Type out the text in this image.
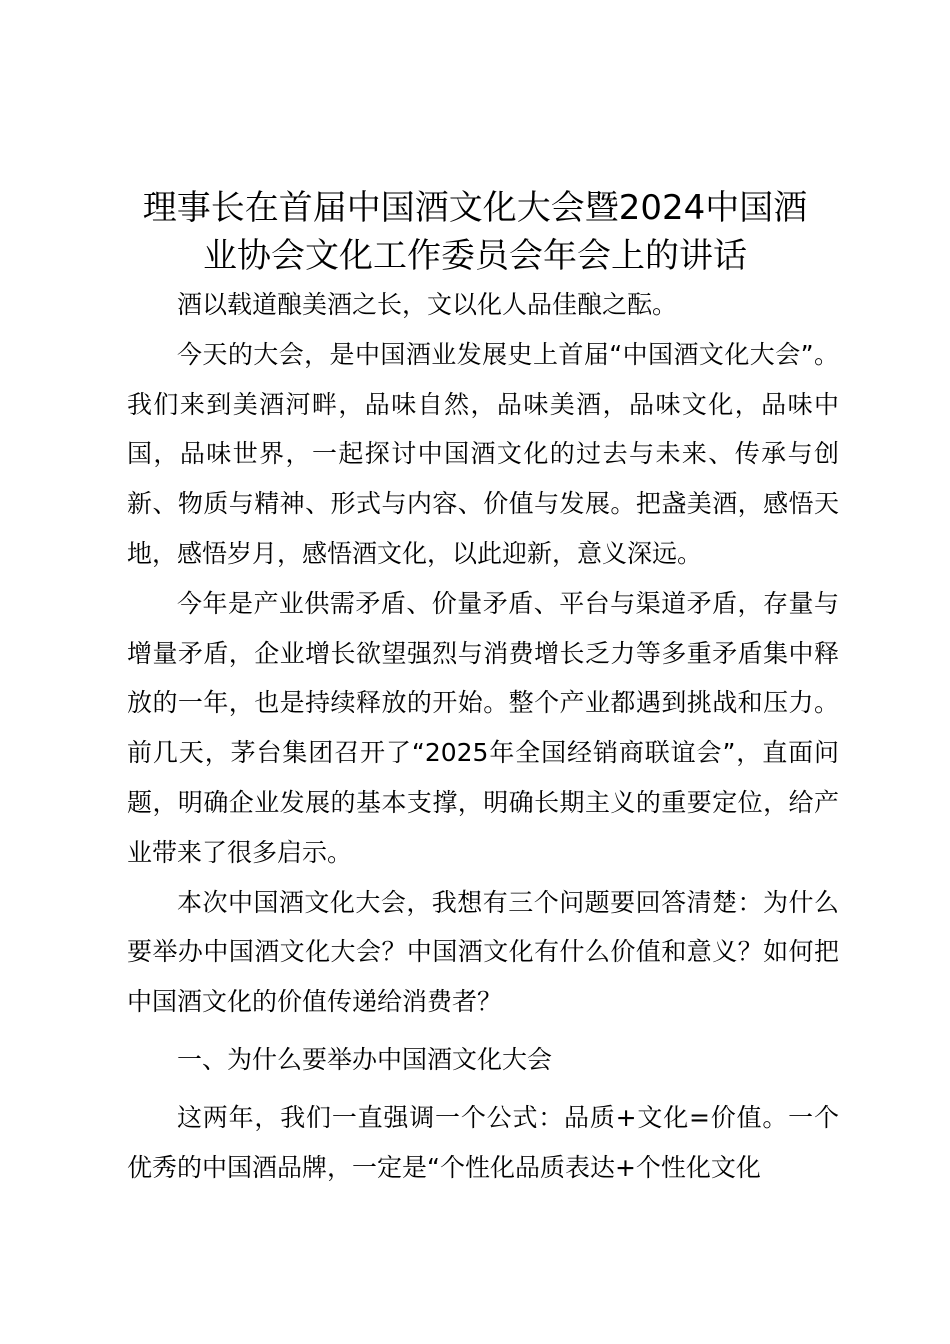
理事长在首届中国酒文化大会暨2024中国酒
业协会文化工作委员会年会上的讲话

酒以载道酿美酒之长，文以化人品佳酿之酝。

今天的大会，是中国酒业发展史上首届“中国酒文化大会”。我们来到美酒河畔，品味自然，品味美酒，品味文化，品味中国，品味世界，一起探讨中国酒文化的过去与未来、传承与创新、物质与精神、形式与内容、价值与发展。把盏美酒，感悟天地，感悟岁月，感悟酒文化，以此迎新，意义深远。

今年是产业供需矛盾、价量矛盾、平台与渠道矛盾，存量与增量矛盾，企业增长欲望强烈与消费增长乏力等多重矛盾集中释放的一年，也是持续释放的开始。整个产业都遇到挑战和压力。前几天，茅台集团召开了“2025年全国经销商联谊会”，直面问题，明确企业发展的基本支撑，明确长期主义的重要定位，给产业带来了很多启示。

本次中国酒文化大会，我想有三个问题要回答清楚：为什么要举办中国酒文化大会？中国酒文化有什么价值和意义？如何把中国酒文化的价值传递给消费者？

一、为什么要举办中国酒文化大会

这两年，我们一直强调一个公式：品质+文化=价值。一个优秀的中国酒品牌，一定是“个性化品质表达+个性化文化
